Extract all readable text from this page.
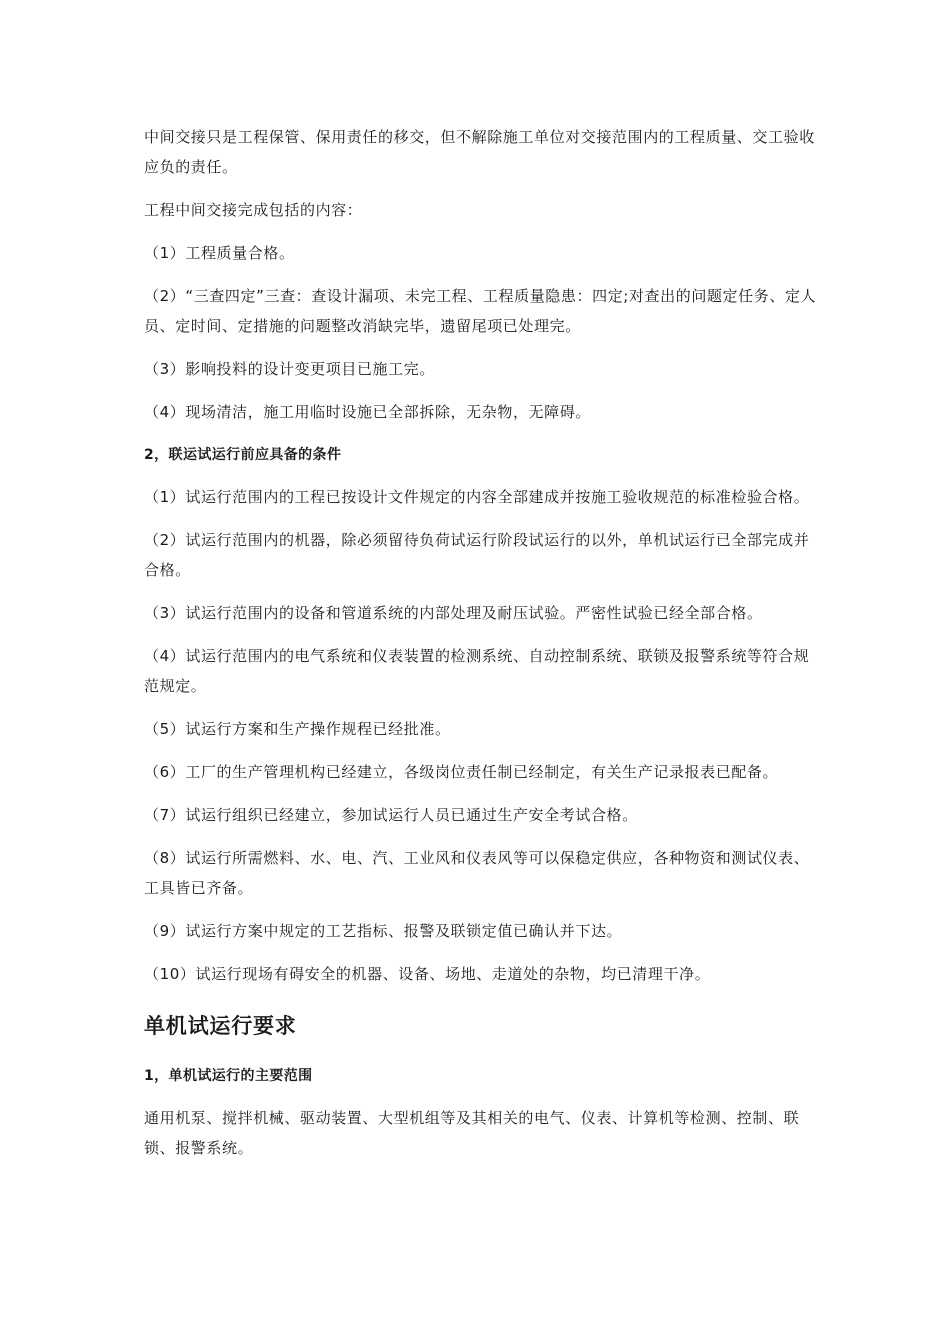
中间交接只是工程保管、保用责任的移交，但不解除施工单位对交接范围内的工程质量、交工验收应负的责任。

工程中间交接完成包括的内容：

（1）工程质量合格。

（2）“三查四定”三查：查设计漏项、未完工程、工程质量隐患：四定;对查出的问题定任务、定人员、定时间、定措施的问题整改消缺完毕，遗留尾项已处理完。

（3）影响投料的设计变更项目已施工完。

（4）现场清洁，施工用临时设施已全部拆除，无杂物，无障碍。

2，联运试运行前应具备的条件

（1）试运行范围内的工程已按设计文件规定的内容全部建成并按施工验收规范的标准检验合格。

（2）试运行范围内的机器，除必须留待负荷试运行阶段试运行的以外，单机试运行已全部完成并合格。

（3）试运行范围内的设备和管道系统的内部处理及耐压试验。严密性试验已经全部合格。

（4）试运行范围内的电气系统和仪表装置的检测系统、自动控制系统、联锁及报警系统等符合规范规定。

（5）试运行方案和生产操作规程已经批准。

（6）工厂的生产管理机构已经建立，各级岗位责任制已经制定，有关生产记录报表已配备。

（7）试运行组织已经建立，参加试运行人员已通过生产安全考试合格。

（8）试运行所需燃料、水、电、汽、工业风和仪表风等可以保稳定供应，各种物资和测试仪表、工具皆已齐备。

（9）试运行方案中规定的工艺指标、报警及联锁定值已确认并下达。

（10）试运行现场有碍安全的机器、设备、场地、走道处的杂物，均已清理干净。

单机试运行要求

1，单机试运行的主要范围

通用机泵、搅拌机械、驱动装置、大型机组等及其相关的电气、仪表、计算机等检测、控制、联锁、报警系统。
